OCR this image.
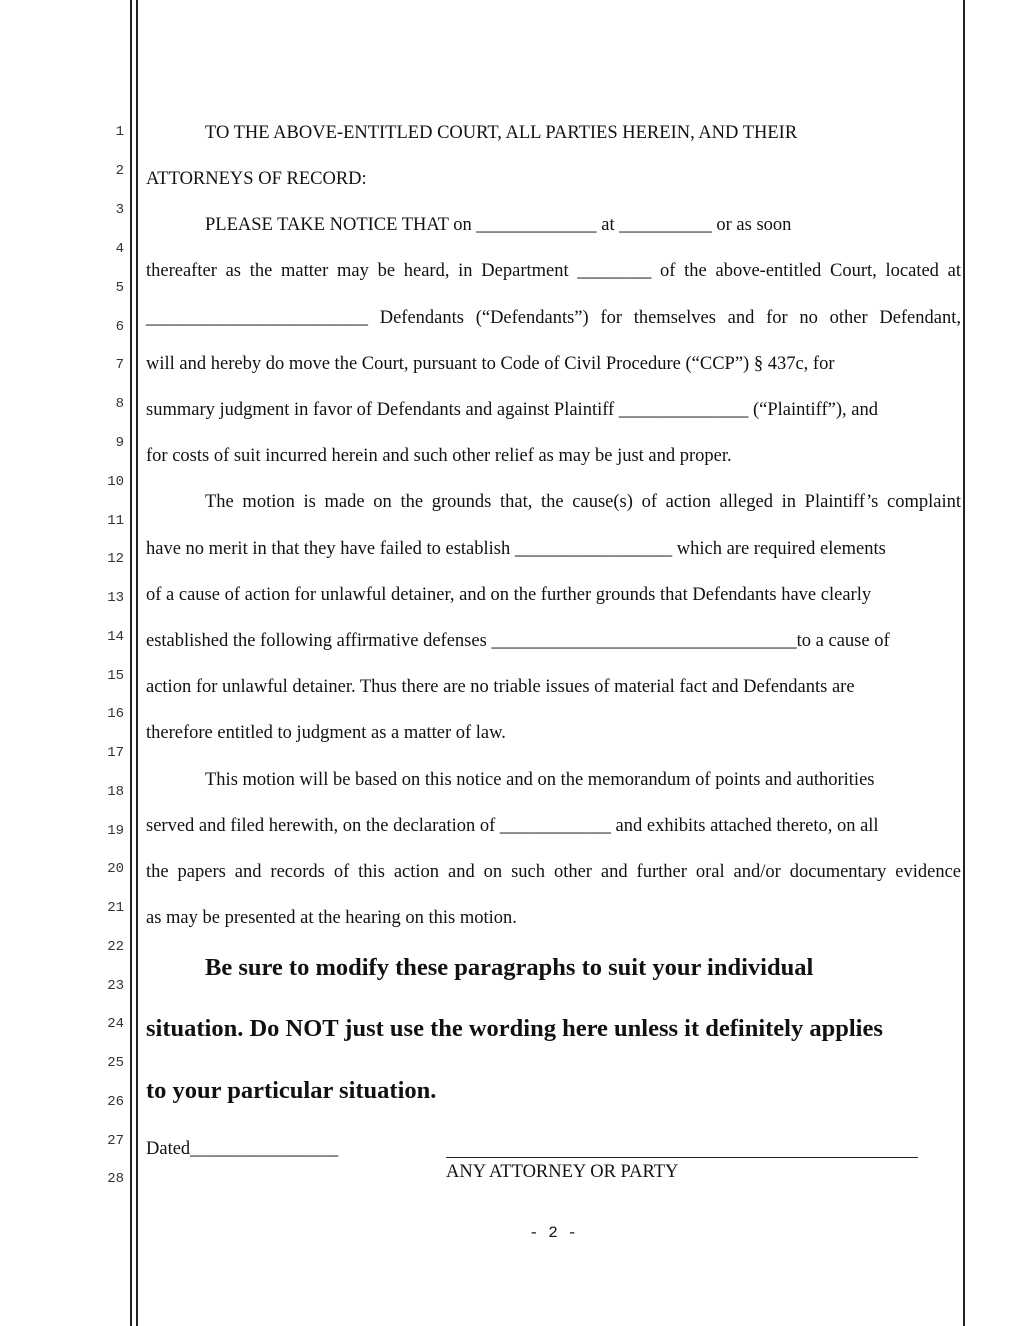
1
2
3
4
5
6
7
8
9
10
11
12
13
14
15
16
17
18
19
20
21
22
23
24
25
26
27
28
TO THE ABOVE-ENTITLED COURT, ALL PARTIES HEREIN, AND THEIR
ATTORNEYS OF RECORD:
PLEASE TAKE NOTICE THAT on _____________ at __________ or as soon
thereafter as the matter may be heard, in Department ________ of the above-entitled Court, located at
________________________ Defendants (“Defendants”) for themselves and for no other Defendant,
will and hereby do move the Court, pursuant to Code of Civil Procedure (“CCP”) § 437c, for
summary judgment in favor of Defendants and against Plaintiff ______________ (“Plaintiff”), and
for costs of suit incurred herein and such other relief as may be just and proper.
The motion is made on the grounds that, the cause(s) of action alleged in Plaintiff’s complaint
have no merit in that they have failed to establish _________________ which are required elements
of a cause of action for unlawful detainer, and on the further grounds that Defendants have clearly
established the following affirmative defenses _________________________________to a cause of
action for unlawful detainer. Thus there are no triable issues of material fact and Defendants are
therefore entitled to judgment as a matter of law.
This motion will be based on this notice and on the memorandum of points and authorities
served and filed herewith, on the declaration of ____________ and exhibits attached thereto, on all
the papers and records of this action and on such other and further oral and/or documentary evidence
as may be presented at the hearing on this motion.
Be sure to modify these paragraphs to suit your individual
situation. Do NOT just use the wording here unless it definitely applies
to your particular situation.
Dated________________
ANY ATTORNEY OR PARTY
- 2 -
